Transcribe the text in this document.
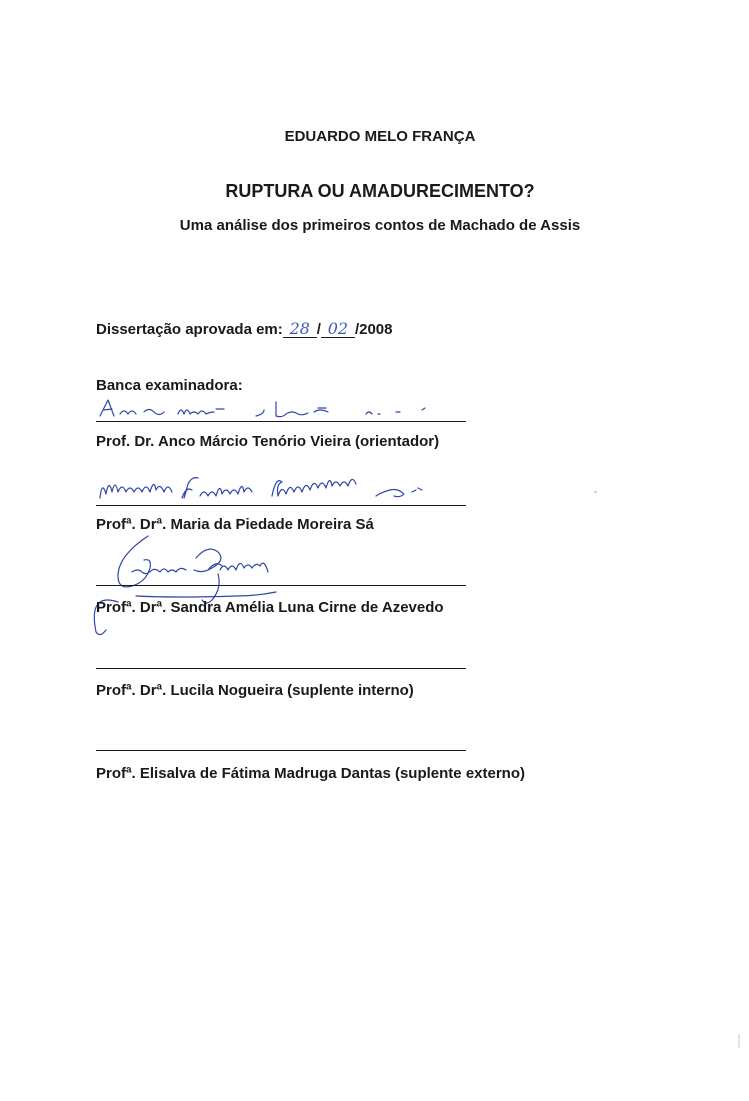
EDUARDO MELO FRANÇA
RUPTURA OU AMADURECIMENTO?
Uma análise dos primeiros contos de Machado de Assis
Dissertação aprovada em: 28 / 02 /2008
Banca examinadora:
Prof. Dr. Anco Márcio Tenório Vieira (orientador)
Profª. Drª. Maria da Piedade Moreira Sá
Profª. Drª. Sandra Amélia Luna Cirne de Azevedo
Profª. Drª. Lucila Nogueira (suplente interno)
Profª. Elisalva de Fátima Madruga Dantas (suplente externo)
